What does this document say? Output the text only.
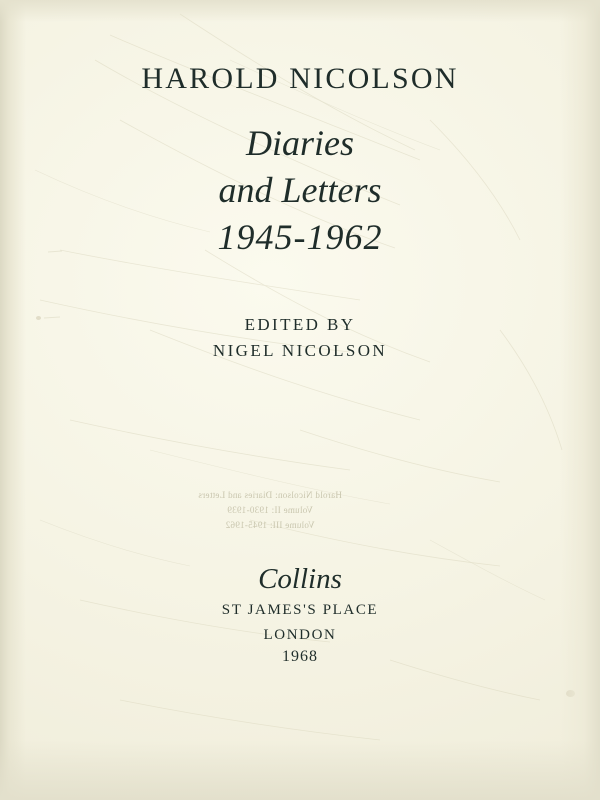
Harold Nicolson: Diaries and Letters
Volume II: 1930-1939
Volume III: 1945-1962
HAROLD NICOLSON
Diaries
and Letters
1945-1962
EDITED BY
NIGEL NICOLSON
Collins
ST JAMES'S PLACE
LONDON
1968
